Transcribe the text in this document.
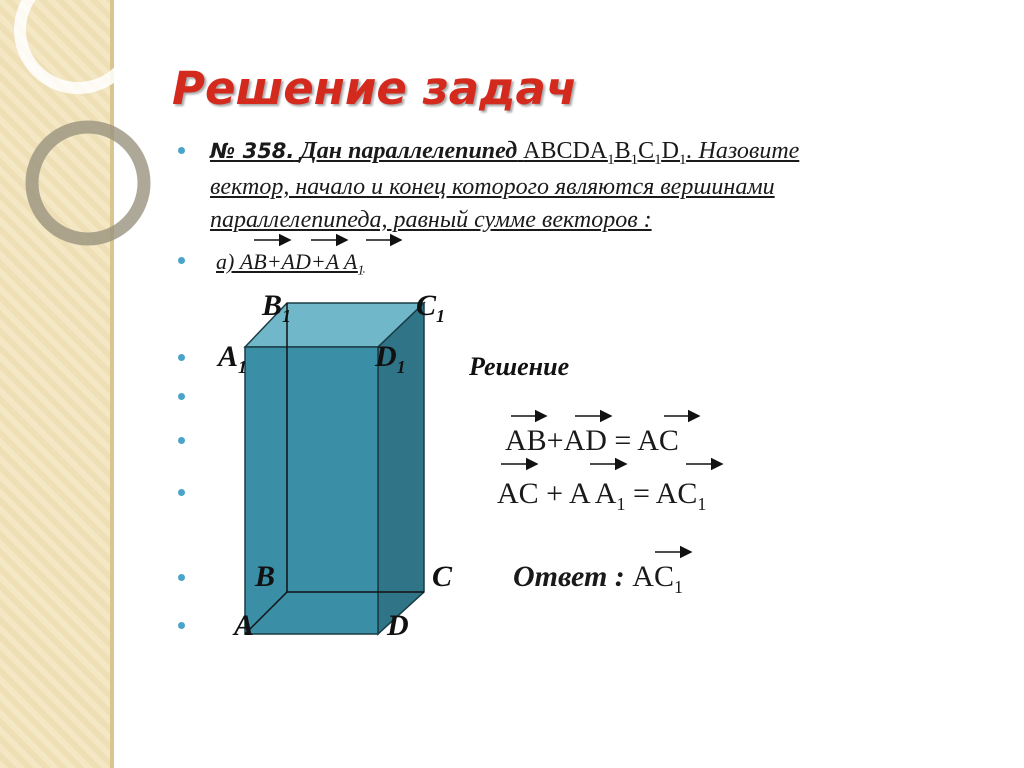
Решение задач
№ 358. Дан параллелепипед $ABCDA_1B_1C_1D_1$. Назовите
вектор, начало и конец которого являются вершинами
параллелепипеда, равный сумме векторов :
а) AB+AD+A $A_1$
$B_1$	$C_1$
$A_1$	$D_1$
B	C
A	D
Решение
AB+AD = AC
AC + A $A_1 = AC_1$
Ответ : $AC_1$
